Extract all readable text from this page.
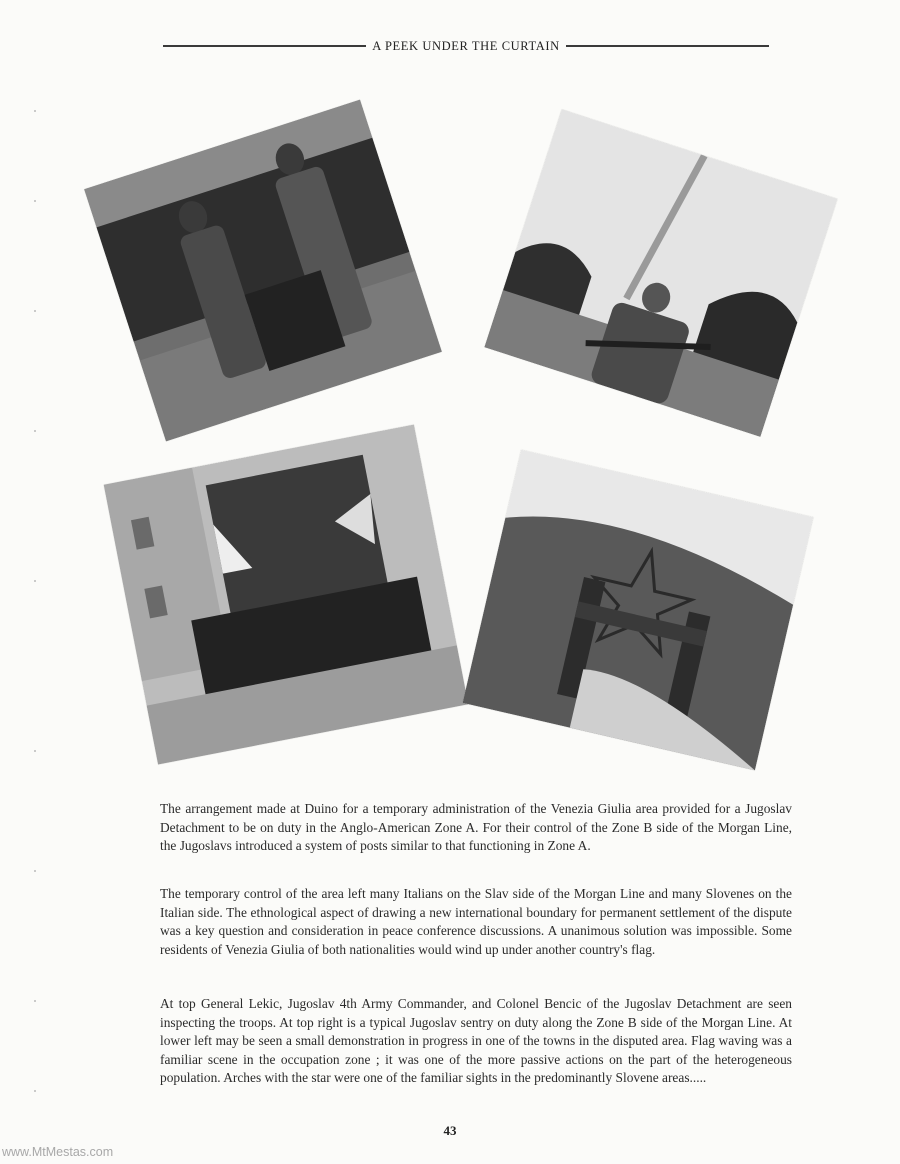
A PEEK UNDER THE CURTAIN

The arrangement made at Duino for a temporary administration of the Venezia Giulia area provided for a Jugoslav Detachment to be on duty in the Anglo-American Zone A. For their control of the Zone B side of the Morgan Line, the Jugoslavs introduced a system of posts similar to that functioning in Zone A.

The temporary control of the area left many Italians on the Slav side of the Morgan Line and many Slovenes on the Italian side. The ethnological aspect of drawing a new international boundary for permanent settlement of the dispute was a key question and consideration in peace conference discussions. A unanimous solution was impossible. Some residents of Venezia Giulia of both nationalities would wind up under another country's flag.

At top General Lekic, Jugoslav 4th Army Commander, and Colonel Bencic of the Jugoslav Detachment are seen inspecting the troops. At top right is a typical Jugoslav sentry on duty along the Zone B side of the Morgan Line. At lower left may be seen a small demonstration in progress in one of the towns in the disputed area. Flag waving was a familiar scene in the occupation zone ; it was one of the more passive actions on the part of the heterogeneous population. Arches with the star were one of the familiar sights in the predominantly Slovene areas.....

43
www.MtMestas.com
